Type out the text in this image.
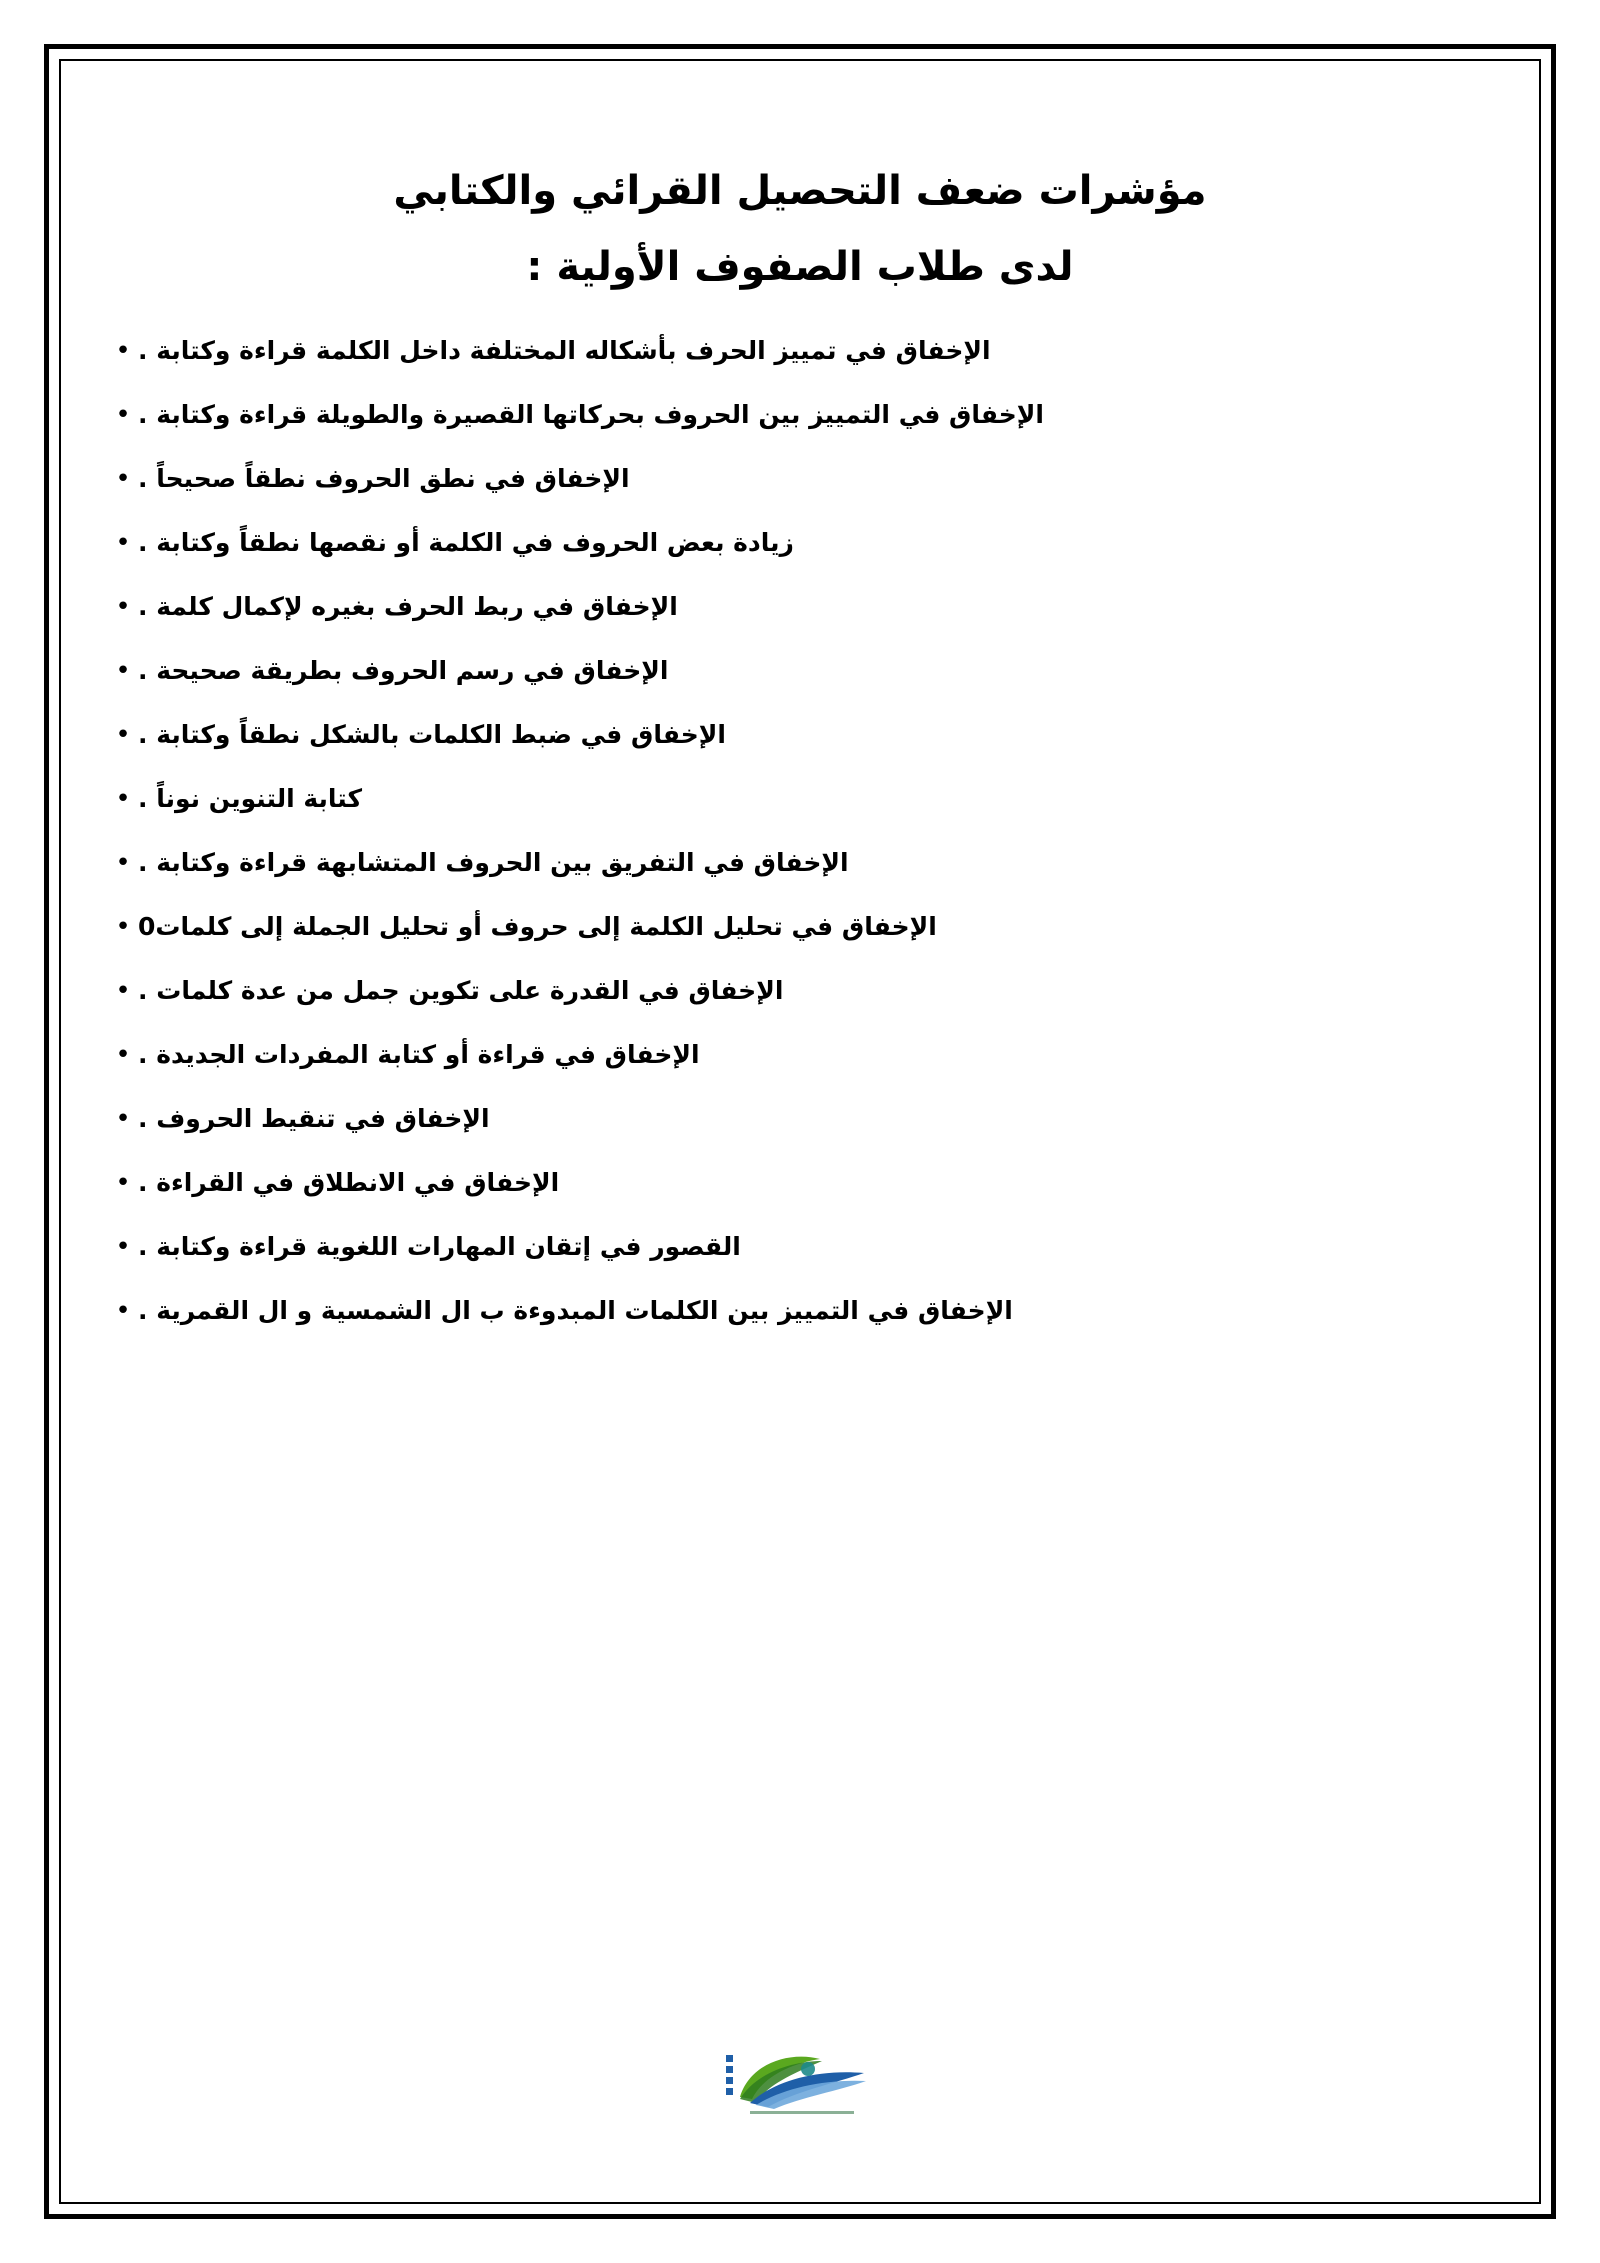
مؤشرات ضعف التحصيل القرائي والكتابي
لدى طلاب الصفوف الأولية :
الإخفاق في تمييز الحرف بأشكاله المختلفة داخل الكلمة قراءة وكتابة .
•
الإخفاق في التمييز بين الحروف بحركاتها القصيرة والطويلة قراءة وكتابة .
•
الإخفاق في نطق الحروف نطقاً صحيحاً .
•
زيادة بعض الحروف في الكلمة أو نقصها نطقاً وكتابة .
•
الإخفاق في ربط الحرف بغيره لإكمال كلمة .
•
الإخفاق في رسم الحروف بطريقة صحيحة .
•
الإخفاق في ضبط الكلمات بالشكل نطقاً وكتابة .
•
كتابة التنوين نوناً .
•
الإخفاق في التفريق بين الحروف المتشابهة قراءة وكتابة .
•
الإخفاق في تحليل الكلمة إلى حروف أو تحليل الجملة إلى كلمات0
•
الإخفاق في القدرة على تكوين جمل من عدة كلمات .
•
الإخفاق في قراءة أو كتابة المفردات الجديدة .
•
الإخفاق في تنقيط الحروف .
•
الإخفاق في الانطلاق في القراءة .
•
القصور في إتقان المهارات اللغوية قراءة وكتابة .
•
الإخفاق في التمييز بين الكلمات المبدوءة ب ال الشمسية و ال القمرية .
•
